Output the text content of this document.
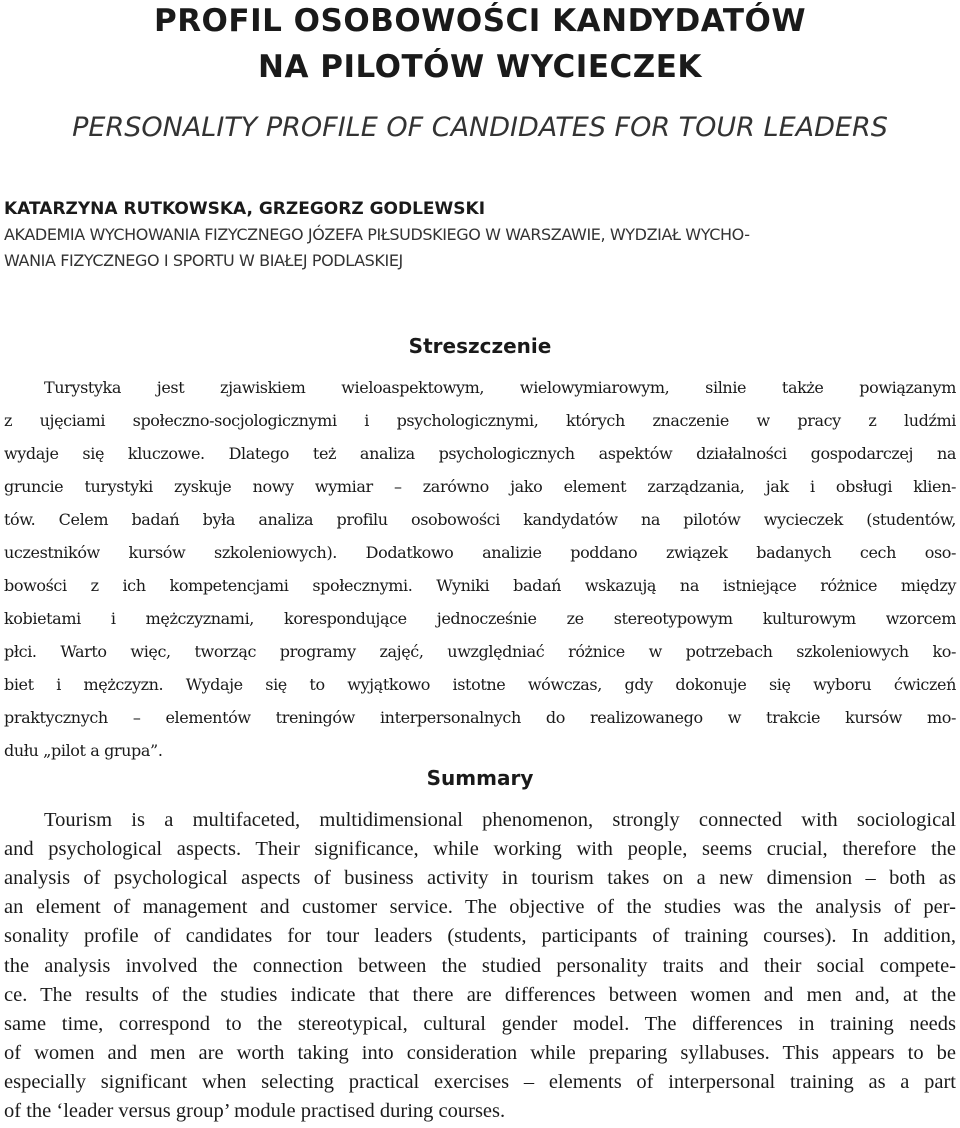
PROFIL OSOBOWOŚCI KANDYDATÓW
NA PILOTÓW WYCIECZEK
PERSONALITY PROFILE OF CANDIDATES FOR TOUR LEADERS

KATARZYNA RUTKOWSKA, GRZEGORZ GODLEWSKI

AKADEMIA WYCHOWANIA FIZYCZNEGO JÓZEFA PIŁSUDSKIEGO W WARSZAWIE, WYDZIAŁ WYCHO-

WANIA FIZYCZNEGO I SPORTU W BIAŁEJ PODLASKIEJ

Streszczenie

Turystyka jest zjawiskiem wieloaspektowym, wielowymiarowym, silnie także powiązanym

z ujęciami społeczno-socjologicznymi i psychologicznymi, których znaczenie w pracy z ludźmi

wydaje się kluczowe. Dlatego też analiza psychologicznych aspektów działalności gospodarczej na

gruncie turystyki zyskuje nowy wymiar – zarówno jako element zarządzania, jak i obsługi klien-

tów. Celem badań była analiza profilu osobowości kandydatów na pilotów wycieczek (studentów,

uczestników kursów szkoleniowych). Dodatkowo analizie poddano związek badanych cech oso-

bowości z ich kompetencjami społecznymi. Wyniki badań wskazują na istniejące różnice między

kobietami i mężczyznami, korespondujące jednocześnie ze stereotypowym kulturowym wzorcem

płci. Warto więc, tworząc programy zajęć, uwzględniać różnice w potrzebach szkoleniowych ko-

biet i mężczyzn. Wydaje się to wyjątkowo istotne wówczas, gdy dokonuje się wyboru ćwiczeń

praktycznych – elementów treningów interpersonalnych do realizowanego w trakcie kursów mo-

dułu „pilot a grupa”.

Summary

Tourism is a multifaceted, multidimensional phenomenon, strongly connected with sociological

and psychological aspects. Their significance, while working with people, seems crucial, therefore the

analysis of psychological aspects of business activity in tourism takes on a new dimension – both as

an element of management and customer service. The objective of the studies was the analysis of per-

sonality profile of candidates for tour leaders (students, participants of training courses). In addition,

the analysis involved the connection between the studied personality traits and their social compete-

ce. The results of the studies indicate that there are differences between women and men and, at the

same time, correspond to the stereotypical, cultural gender model. The differences in training needs

of women and men are worth taking into consideration while preparing syllabuses. This appears to be

especially significant when selecting practical exercises – elements of interpersonal training as a part

of the ‘leader versus group’ module practised during courses.
